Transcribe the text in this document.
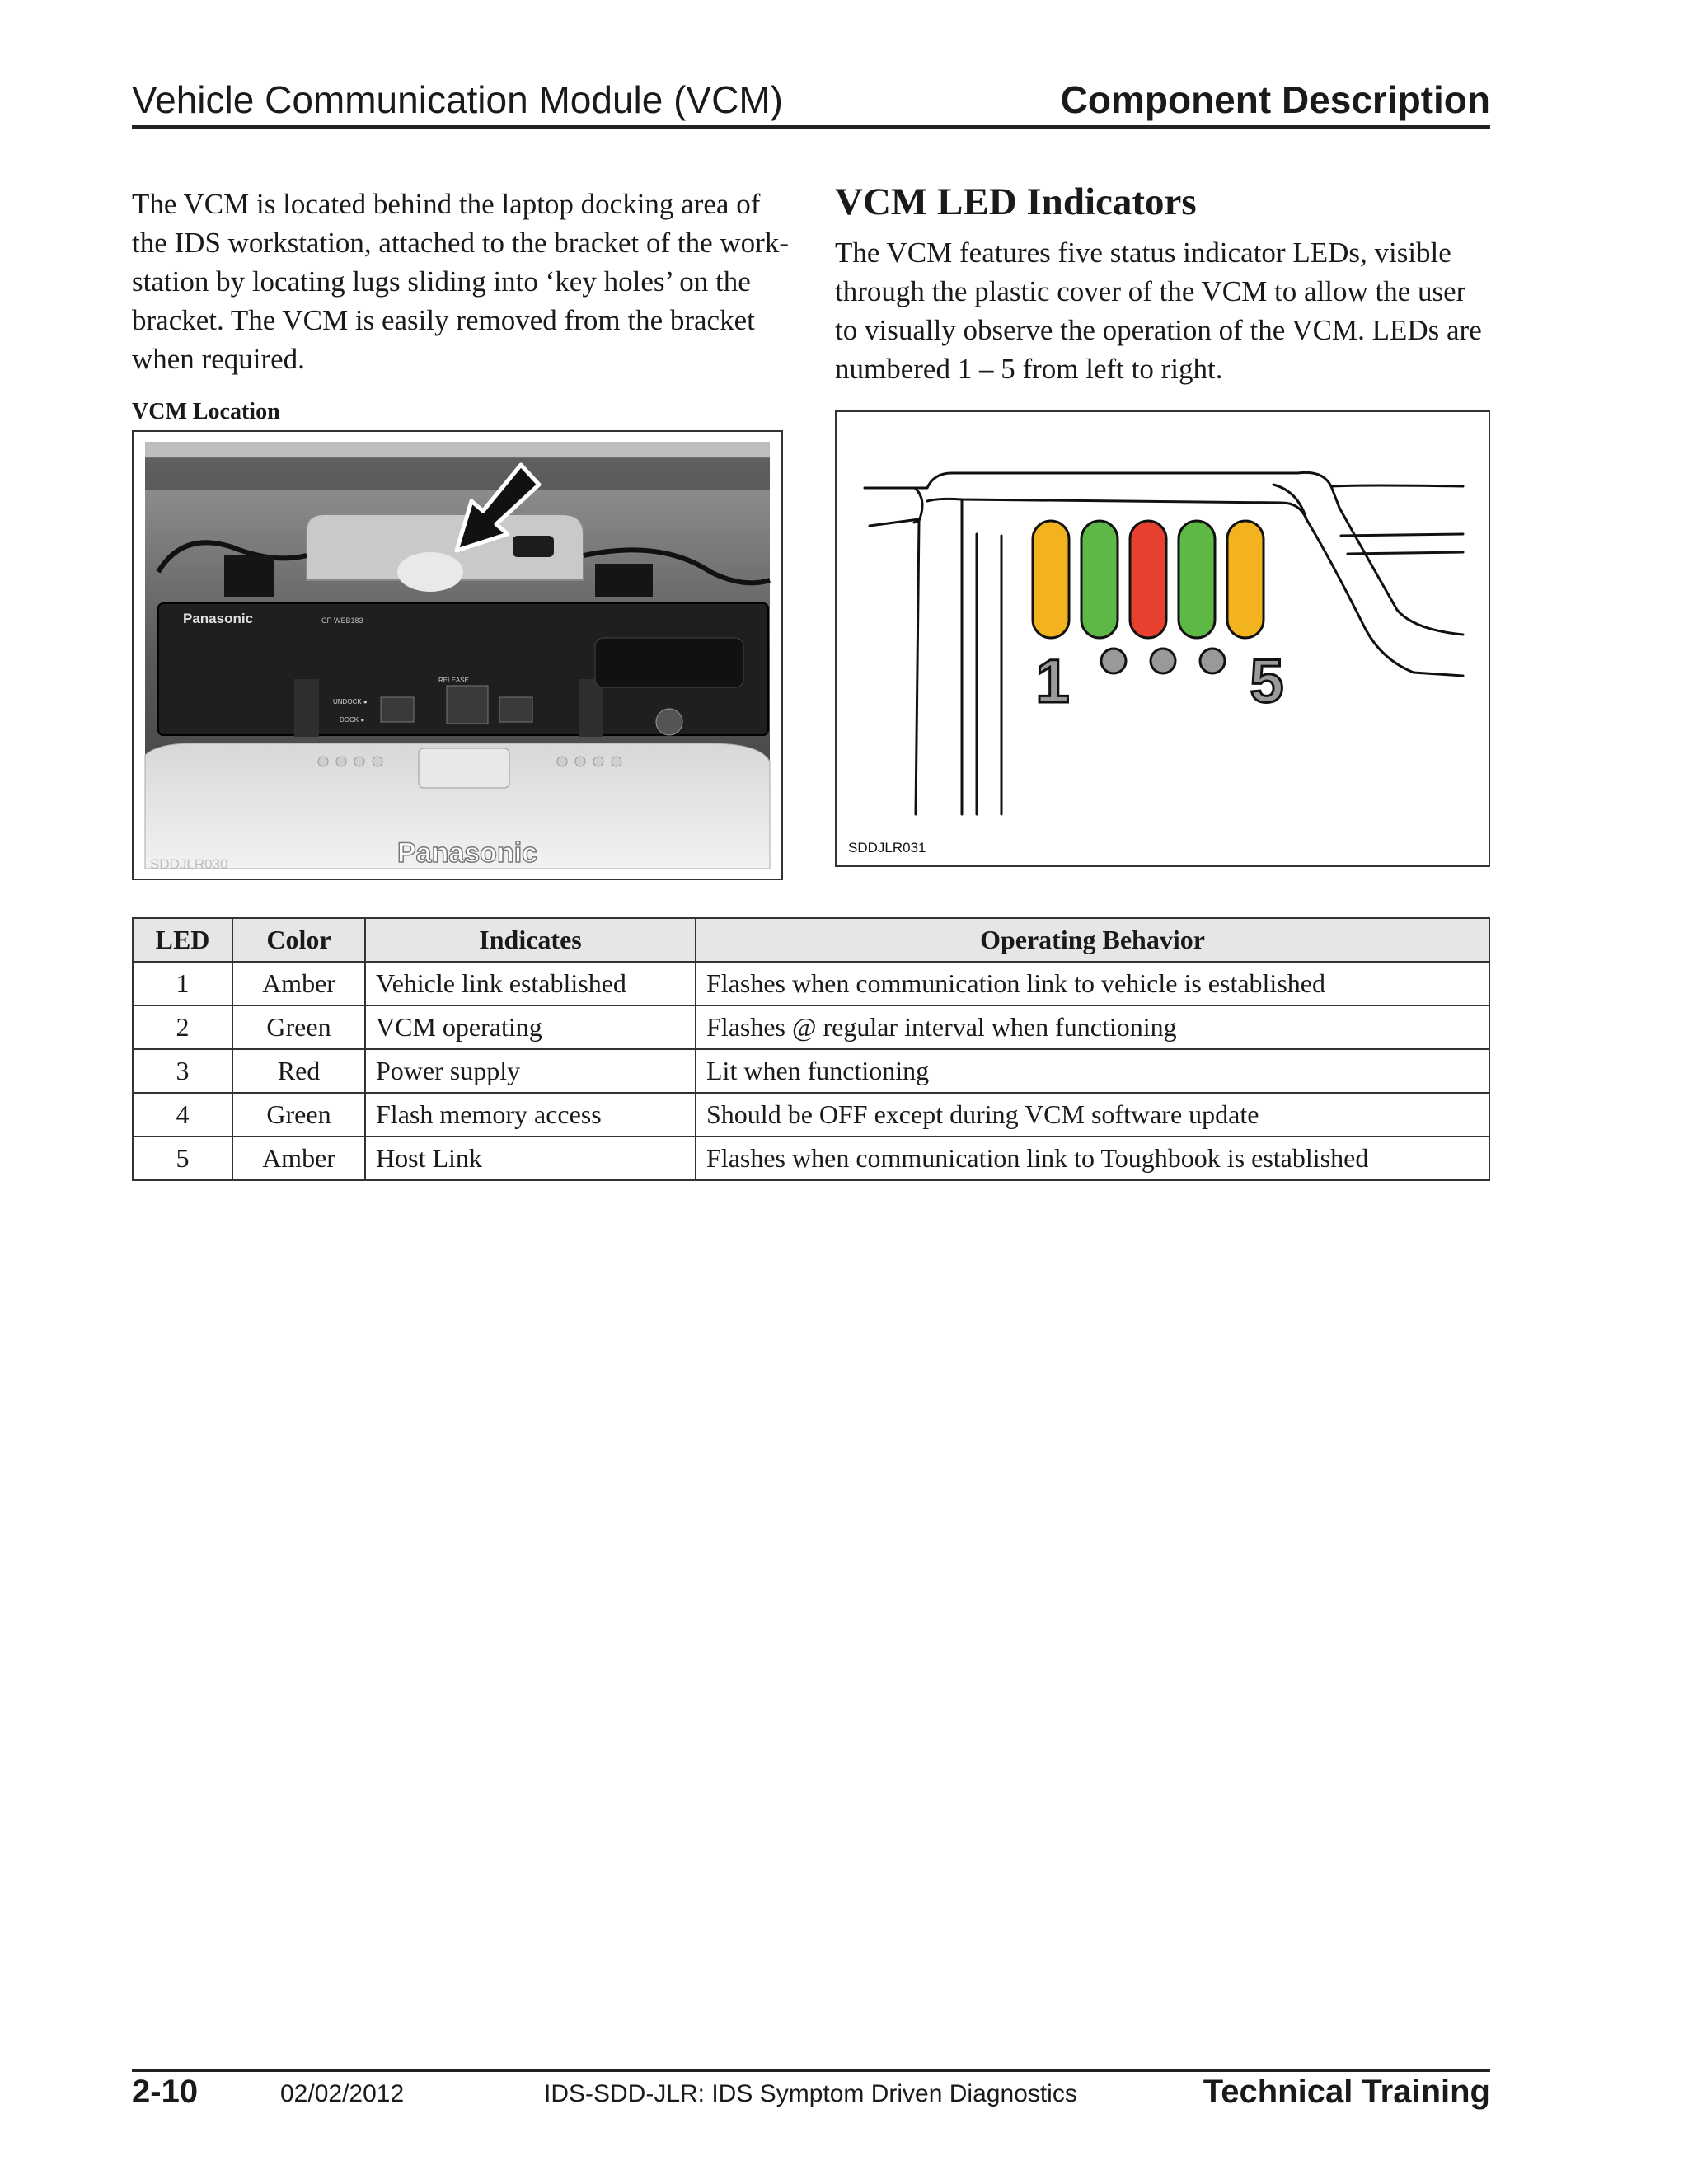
Vehicle Communication Module (VCM)	Component Description
The VCM is located behind the laptop docking area of
the IDS workstation, attached to the bracket of the work-
station by locating lugs sliding into ‘key holes’ on the
bracket. The VCM is easily removed from the bracket
when required.
VCM Location
Panasonic	CF-WEB183
UNDOCK ●
DOCK ●
RELEASE
Panasonic
SDDJLR030
VCM LED Indicators
The VCM features five status indicator LEDs, visible
through the plastic cover of the VCM to allow the user
to visually observe the operation of the VCM. LEDs are
numbered 1 – 5 from left to right.
1	5
SDDJLR031
LED	Color	Indicates	Operating Behavior
1	Amber	Vehicle link established	Flashes when communication link to vehicle is established
2	Green	VCM operating	Flashes @ regular interval when functioning
3	Red	Power supply	Lit when functioning
4	Green	Flash memory access	Should be OFF except during VCM software update
5	Amber	Host Link	Flashes when communication link to Toughbook is established
2-10	02/02/2012	IDS-SDD-JLR: IDS Symptom Driven Diagnostics	Technical Training
